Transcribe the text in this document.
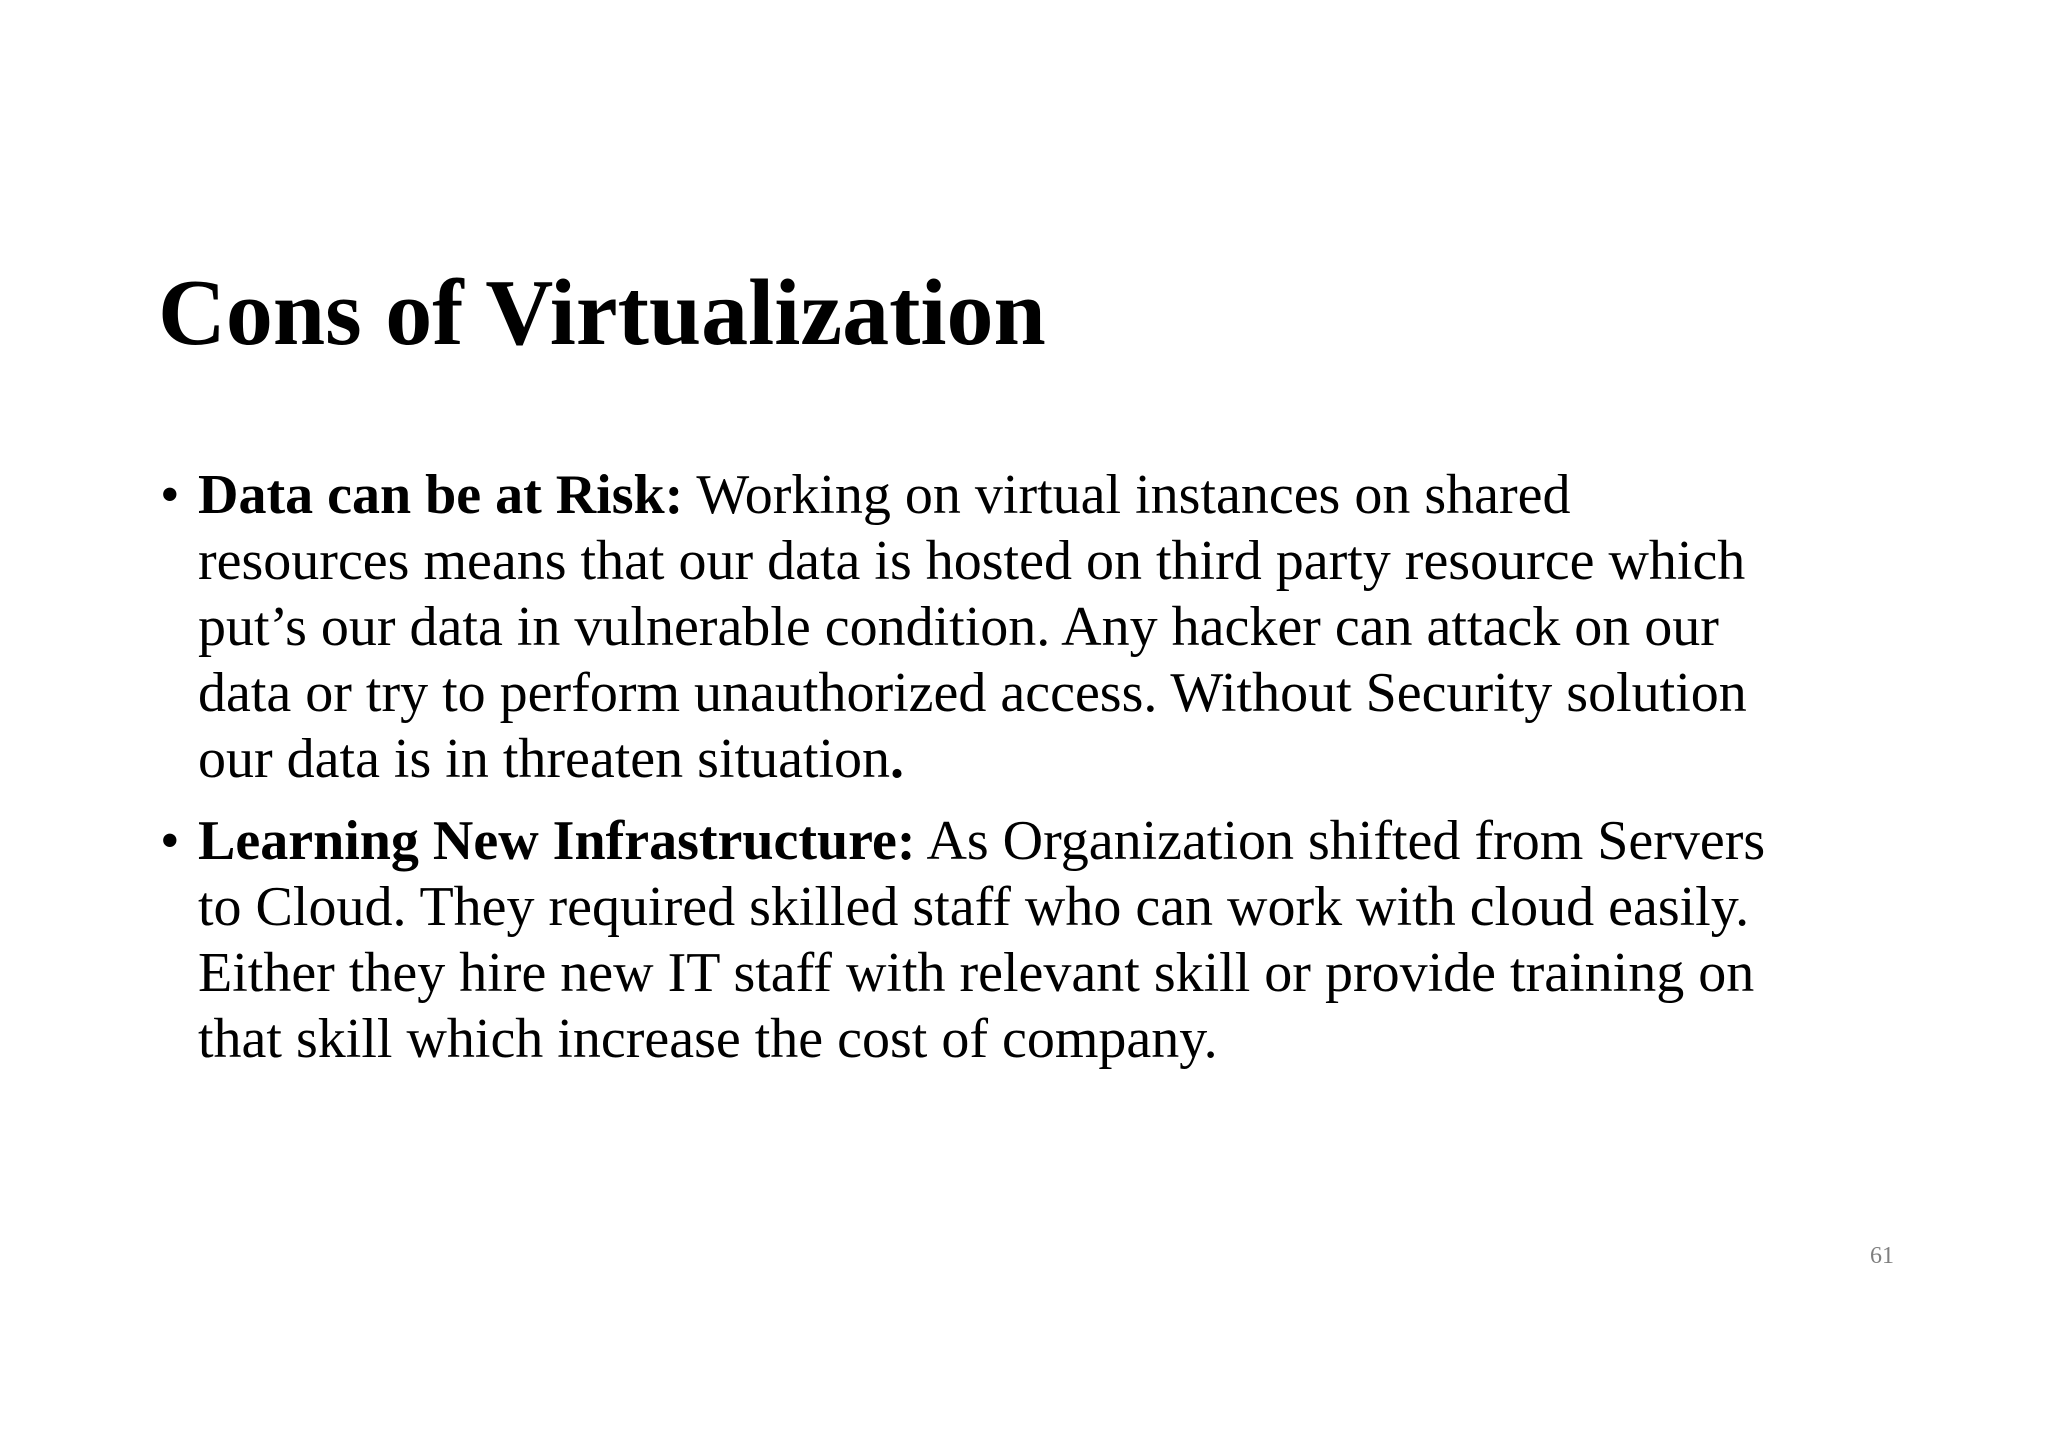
Cons of Virtualization
• Data can be at Risk: Working on virtual instances on shared
resources means that our data is hosted on third party resource which
put’s our data in vulnerable condition. Any hacker can attack on our
data or try to perform unauthorized access. Without Security solution
our data is in threaten situation.
• Learning New Infrastructure: As Organization shifted from Servers
to Cloud. They required skilled staff who can work with cloud easily.
Either they hire new IT staff with relevant skill or provide training on
that skill which increase the cost of company.
61
